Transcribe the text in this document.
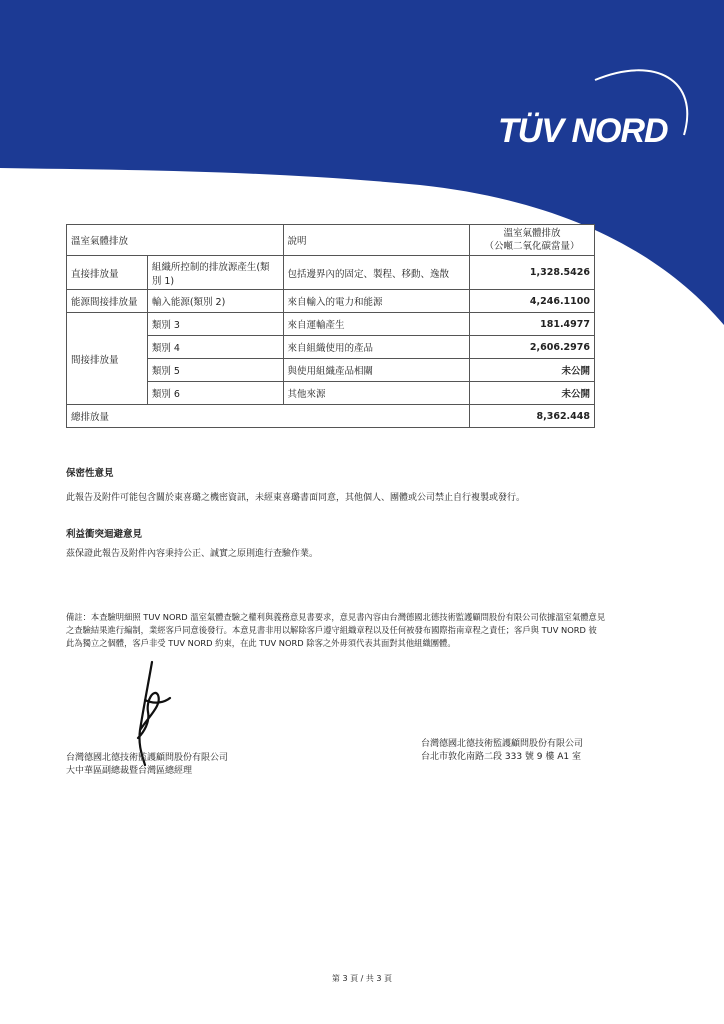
TÜV NORD
溫室氣體排放		說明	溫室氣體排放
（公噸二氧化碳當量）

直接排放量	組織所控制的排放源產生(類別 1)	包括邊界內的固定、製程、移動、逸散	1,328.5426
能源間接排放量	輸入能源(類別 2)	來自輸入的電力和能源	4,246.1100
間接排放量	類別 3	來自運輸產生	181.4977
	類別 4	來自組織使用的產品	2,606.2976
	類別 5	與使用組織產品相關	未公開
	類別 6	其他來源	未公開
總排放量			8,362.448
保密性意見
此報告及附件可能包含關於東喜璐之機密資訊，未經東喜璐書面同意，其他個人、團體或公司禁止自行複製或發行。
利益衝突迴避意見
茲保證此報告及附件內容秉持公正、誠實之原則進行查驗作業。
備註：本查驗明細照 TUV NORD 溫室氣體查驗之權利與義務意見書要求，意見書內容由台灣德國北德技術監護顧問股份有限公司依據溫室氣體意見
之查驗結果進行編制，業經客戶同意後發行。本意見書非用以解除客戶遵守組織章程以及任何被發布國際指南章程之責任；客戶與 TUV NORD 彼
此為獨立之個體，客戶非受 TUV NORD 約束，在此 TUV NORD 除客之外毋須代表其面對其他組織團體。
台灣德國北德技術監護顧問股份有限公司
大中華區副總裁暨台灣區總經理
台灣德國北德技術監護顧問股份有限公司
台北市敦化南路二段 333 號 9 樓 A1 室
第 3 頁 / 共 3 頁
